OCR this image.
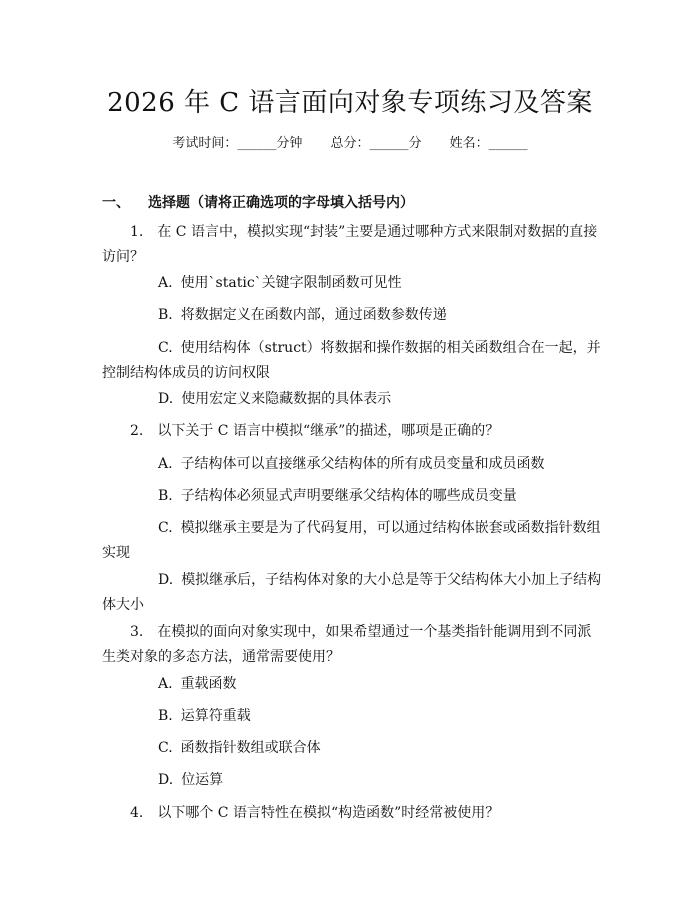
2026 年 C 语言面向对象专项练习及答案
考试时间：______分钟 总分：______分 姓名：______
一、 选择题（请将正确选项的字母填入括号内）
1. 在 C 语言中，模拟实现“封装”主要是通过哪种方式来限制对数据的直接访问？
A. 使用`static`关键字限制函数可见性
B. 将数据定义在函数内部，通过函数参数传递
C. 使用结构体（struct）将数据和操作数据的相关函数组合在一起，并控制结构体成员的访问权限
D. 使用宏定义来隐藏数据的具体表示
2. 以下关于 C 语言中模拟“继承”的描述，哪项是正确的？
A. 子结构体可以直接继承父结构体的所有成员变量和成员函数
B. 子结构体必须显式声明要继承父结构体的哪些成员变量
C. 模拟继承主要是为了代码复用，可以通过结构体嵌套或函数指针数组实现
D. 模拟继承后，子结构体对象的大小总是等于父结构体大小加上子结构体大小
3. 在模拟的面向对象实现中，如果希望通过一个基类指针能调用到不同派生类对象的多态方法，通常需要使用？
A. 重载函数
B. 运算符重载
C. 函数指针数组或联合体
D. 位运算
4. 以下哪个 C 语言特性在模拟“构造函数”时经常被使用？
